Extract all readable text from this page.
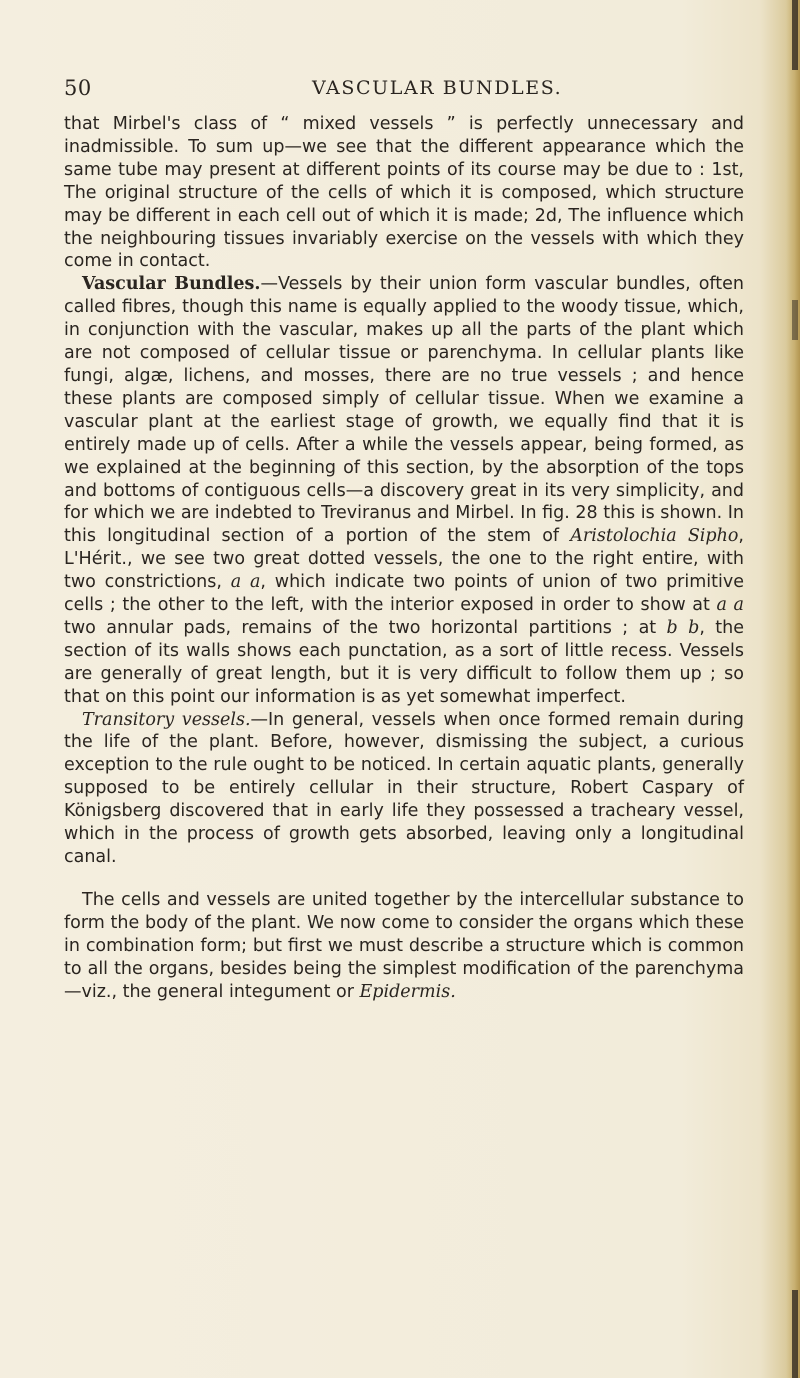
50	VASCULAR BUNDLES.

that Mirbel's class of “ mixed vessels ” is perfectly unnecessary and inadmissible. To sum up—we see that the different appearance which the same tube may present at different points of its course may be due to : 1st, The original structure of the cells of which it is composed, which structure may be different in each cell out of which it is made; 2d, The influence which the neighbouring tissues invariably exercise on the vessels with which they come in contact.

Vascular Bundles.—Vessels by their union form vascular bundles, often called fibres, though this name is equally applied to the woody tissue, which, in conjunction with the vascular, makes up all the parts of the plant which are not composed of cellular tissue or parenchyma. In cellular plants like fungi, algæ, lichens, and mosses, there are no true vessels ; and hence these plants are composed simply of cellular tissue. When we examine a vascular plant at the earliest stage of growth, we equally find that it is entirely made up of cells. After a while the vessels appear, being formed, as we explained at the beginning of this section, by the absorption of the tops and bottoms of contiguous cells—a discovery great in its very simplicity, and for which we are indebted to Treviranus and Mirbel. In fig. 28 this is shown. In this longitudinal section of a portion of the stem of Aristolochia Sipho, L'Hérit., we see two great dotted vessels, the one to the right entire, with two constrictions, a a, which indicate two points of union of two primitive cells ; the other to the left, with the interior exposed in order to show at a a two annular pads, remains of the two horizontal partitions ; at b b, the section of its walls shows each punctation, as a sort of little recess. Vessels are generally of great length, but it is very difficult to follow them up ; so that on this point our information is as yet somewhat imperfect.

Transitory vessels.—In general, vessels when once formed remain during the life of the plant. Before, however, dismissing the subject, a curious exception to the rule ought to be noticed. In certain aquatic plants, generally supposed to be entirely cellular in their structure, Robert Caspary of Königsberg discovered that in early life they possessed a tracheary vessel, which in the process of growth gets absorbed, leaving only a longitudinal canal.

The cells and vessels are united together by the intercellular substance to form the body of the plant. We now come to consider the organs which these in combination form; but first we must describe a structure which is common to all the organs, besides being the simplest modification of the parenchyma—viz., the general integument or Epidermis.
